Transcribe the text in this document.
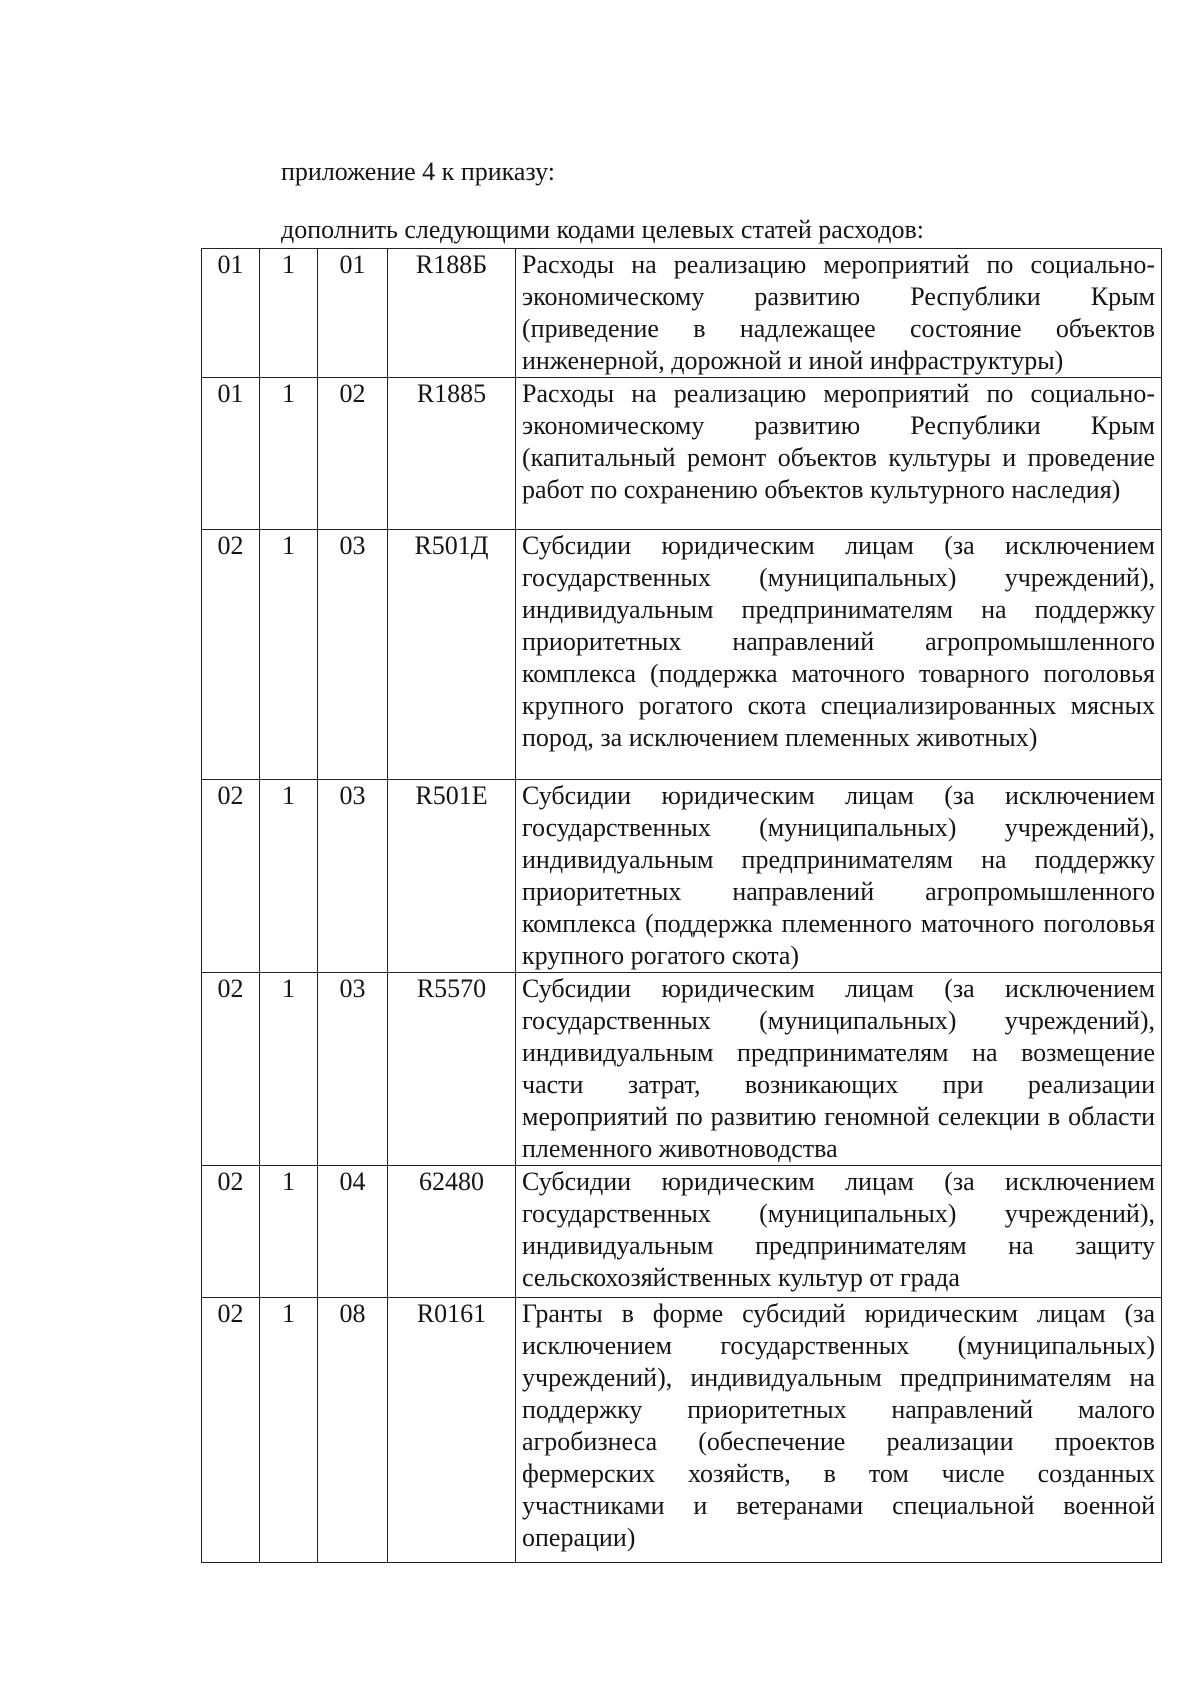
приложение 4 к приказу:
дополнить следующими кодами целевых статей расходов:
01	1	01	R188Б	Расходы на реализацию мероприятий по социально-экономическому развитию Республики Крым (приведение в надлежащее состояние объектов инженерной, дорожной и иной инфраструктуры)
01	1	02	R1885	Расходы на реализацию мероприятий по социально-экономическому развитию Республики Крым (капитальный ремонт объектов культуры и проведение работ по сохранению объектов культурного наследия)
02	1	03	R501Д	Субсидии юридическим лицам (за исключением государственных (муниципальных) учреждений), индивидуальным предпринимателям на поддержку приоритетных направлений агропромышленного комплекса (поддержка маточного товарного поголовья крупного рогатого скота специализированных мясных пород, за исключением племенных животных)
02	1	03	R501Е	Субсидии юридическим лицам (за исключением государственных (муниципальных) учреждений), индивидуальным предпринимателям на поддержку приоритетных направлений агропромышленного комплекса (поддержка племенного маточного поголовья крупного рогатого скота)
02	1	03	R5570	Субсидии юридическим лицам (за исключением государственных (муниципальных) учреждений), индивидуальным предпринимателям на возмещение части затрат, возникающих при реализации мероприятий по развитию геномной селекции в области племенного животноводства
02	1	04	62480	Субсидии юридическим лицам (за исключением государственных (муниципальных) учреждений), индивидуальным предпринимателям на защиту сельскохозяйственных культур от града
02	1	08	R0161	Гранты в форме субсидий юридическим лицам (за исключением государственных (муниципальных) учреждений), индивидуальным предпринимателям на поддержку приоритетных направлений малого агробизнеса (обеспечение реализации проектов фермерских хозяйств, в том числе созданных участниками и ветеранами специальной военной операции)
